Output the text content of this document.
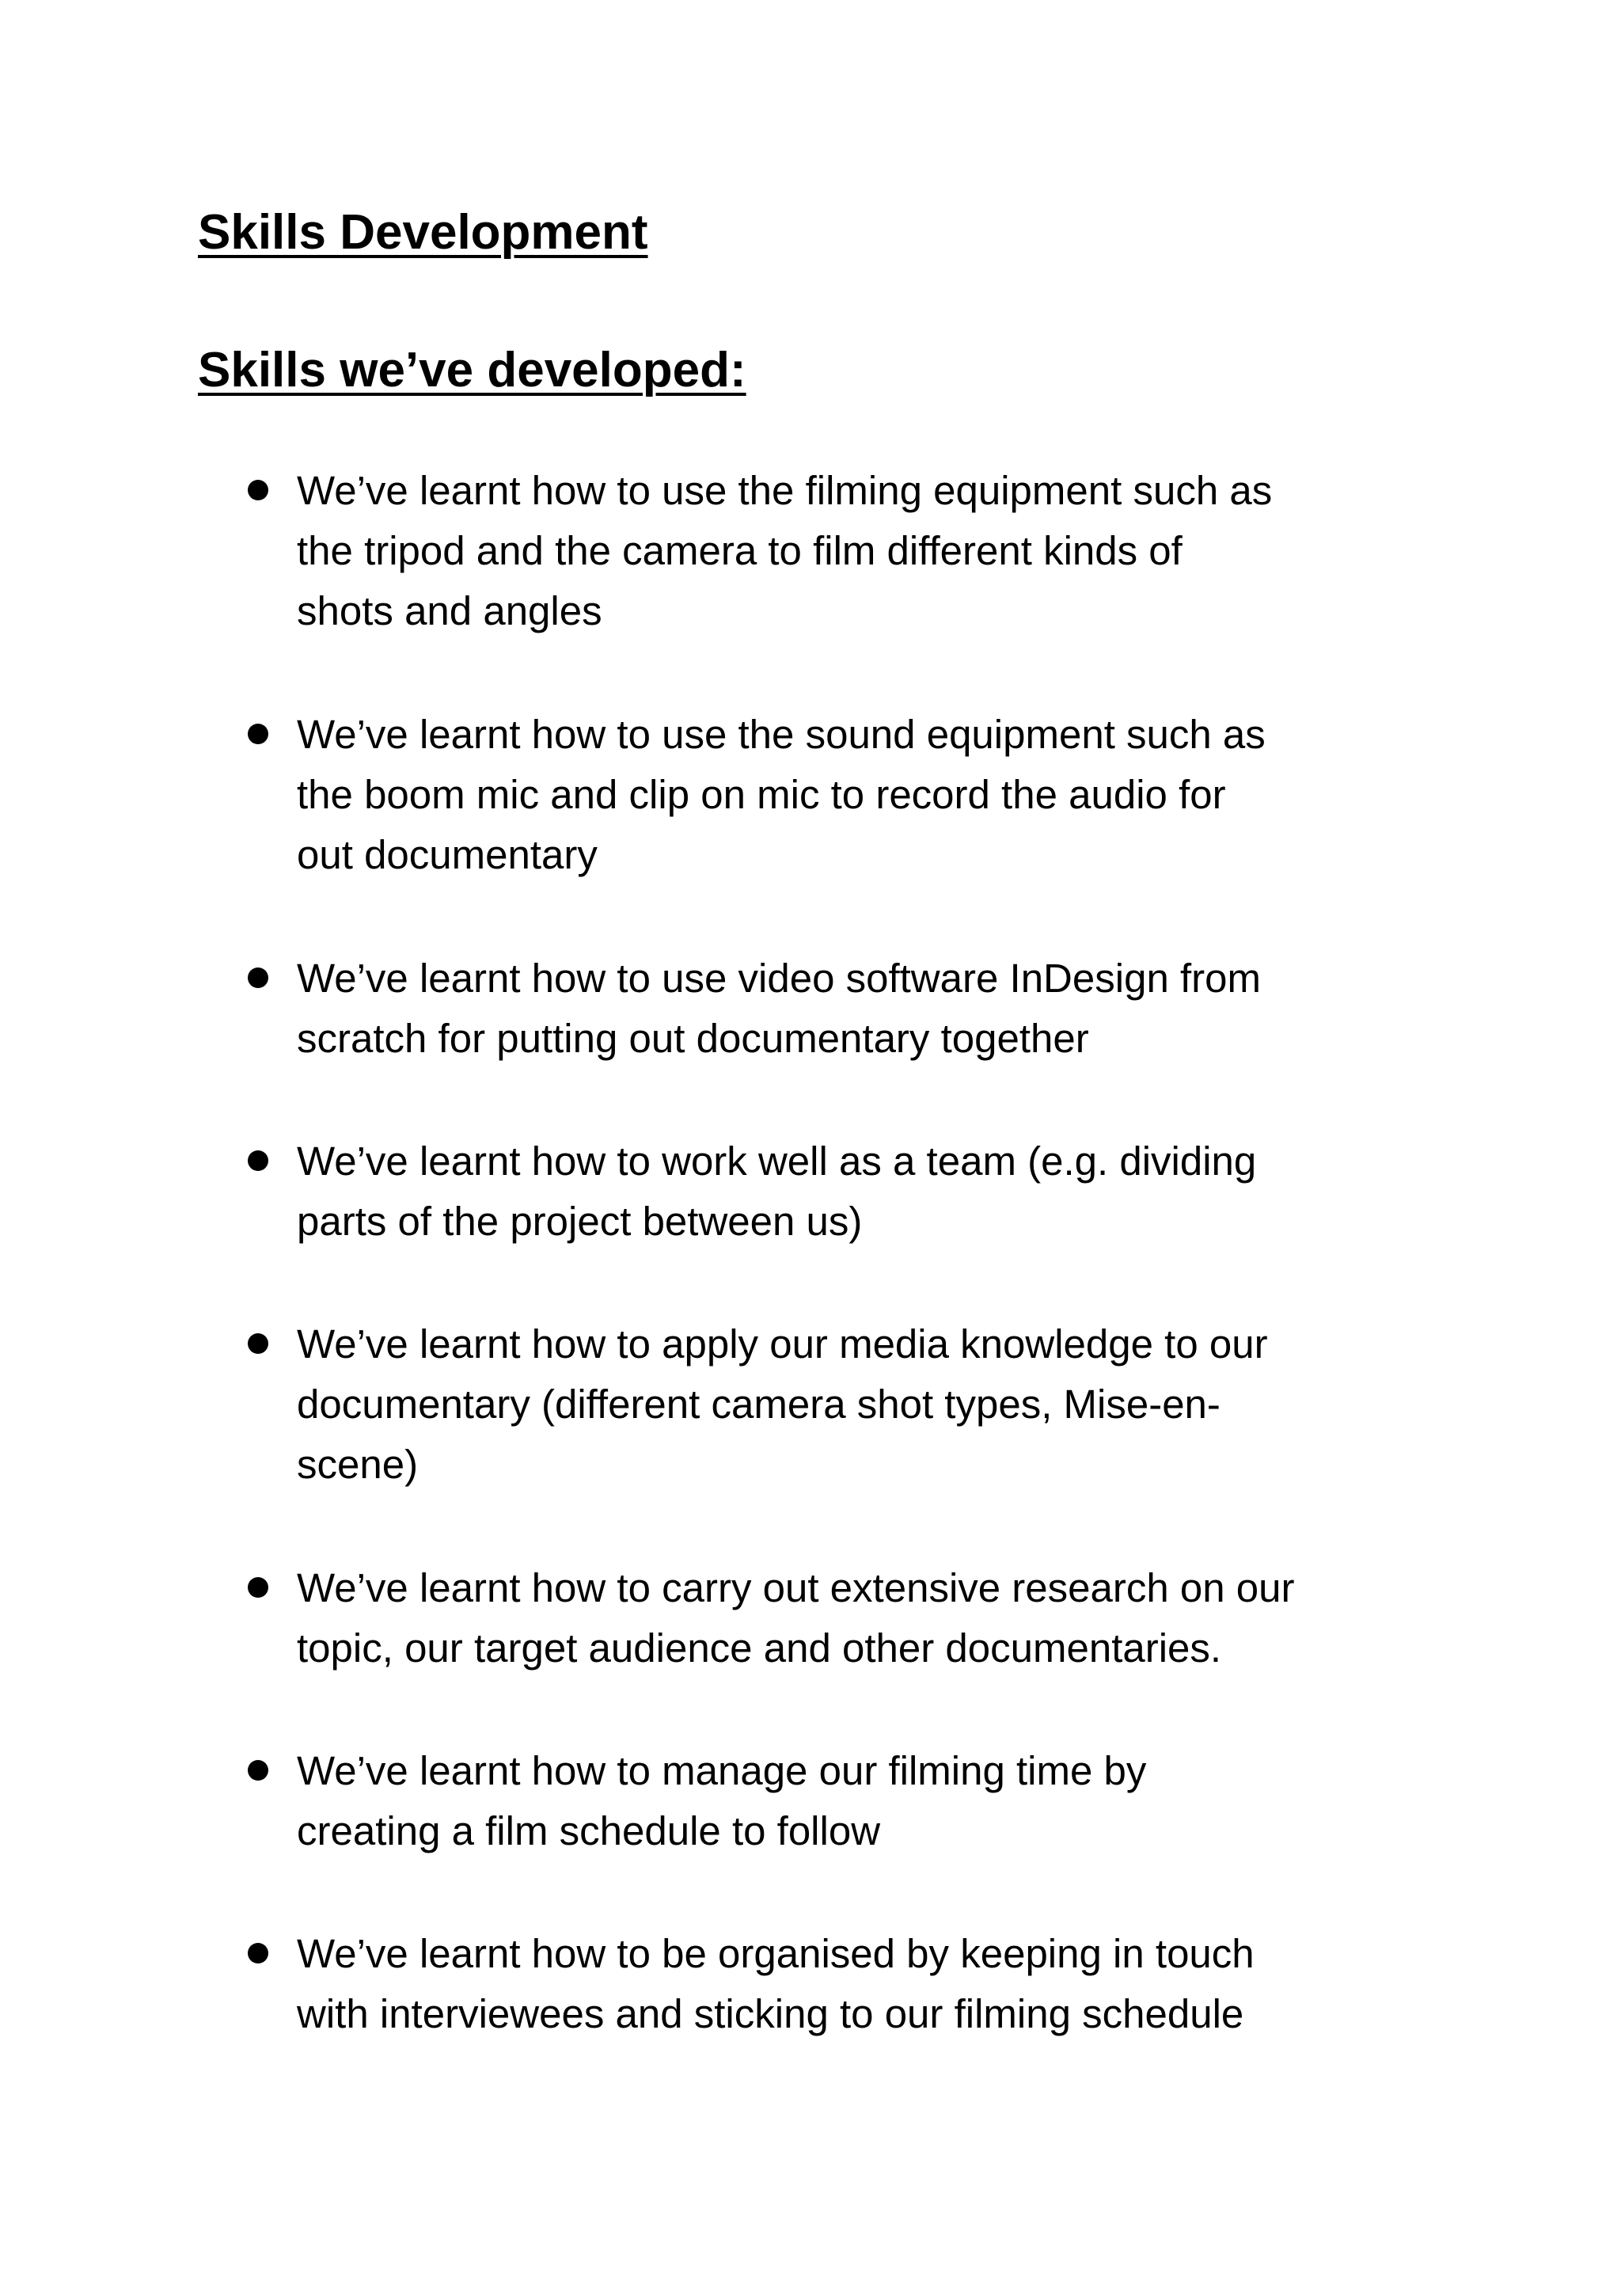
Skills Development
Skills we’ve developed:
We’ve learnt how to use the filming equipment such as
the tripod and the camera to film different kinds of
shots and angles
We’ve learnt how to use the sound equipment such as
the boom mic and clip on mic to record the audio for
out documentary
We’ve learnt how to use video software InDesign from
scratch for putting out documentary together
We’ve learnt how to work well as a team (e.g. dividing
parts of the project between us)
We’ve learnt how to apply our media knowledge to our
documentary (different camera shot types, Mise-en-
scene)
We’ve learnt how to carry out extensive research on our
topic, our target audience and other documentaries.
We’ve learnt how to manage our filming time by
creating a film schedule to follow
We’ve learnt how to be organised by keeping in touch
with interviewees and sticking to our filming schedule
